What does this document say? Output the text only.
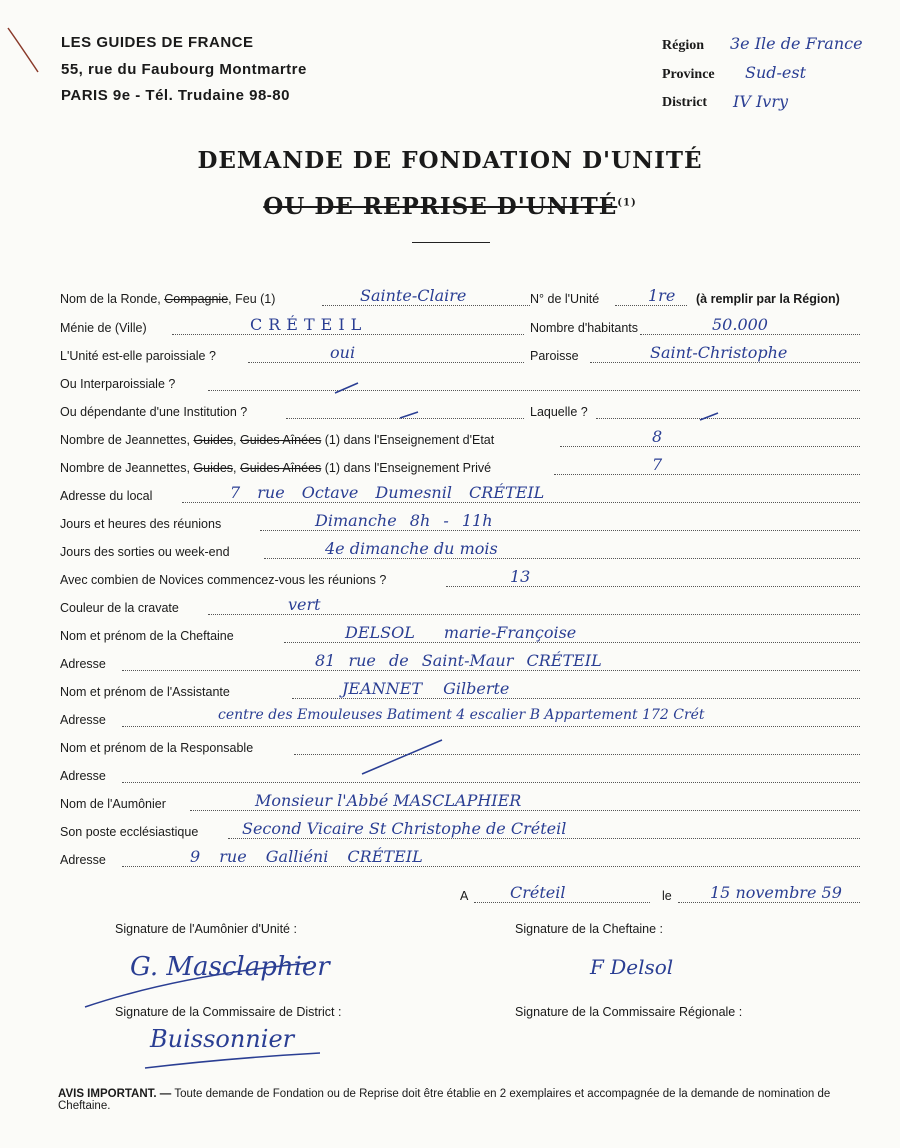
LES GUIDES DE FRANCE
55, rue du Faubourg Montmartre
PARIS 9e - Tél. Trudaine 98-80
Région 3e Ile de France
Province Sud-est
District IV Ivry
DEMANDE DE FONDATION D'UNITÉ
OU DE REPRISE D'UNITÉ$^{(1)}$
Nom de la Ronde, Compagnie, Feu (1)	Sainte-Claire	N° de l'Unité	1re (à remplir par la Région)
Ménie de (Ville)	CRÉTEIL	Nombre d'habitants	50.000
L'Unité est-elle paroissiale ?	oui	Paroisse	Saint-Christophe
Ou Interparoissiale ?
Ou dépendante d'une Institution ?	Laquelle ?
Nombre de Jeannettes, Guides, Guides Aînées (1) dans l'Enseignement d'Etat	8
Nombre de Jeannettes, Guides, Guides Aînées (1) dans l'Enseignement Privé	7
Adresse du local	7 rue Octave Dumesnil CRÉTEIL
Jours et heures des réunions	Dimanche 8h - 11h
Jours des sorties ou week-end	4e dimanche du mois
Avec combien de Novices commencez-vous les réunions ?	13
Couleur de la cravate	vert
Nom et prénom de la Cheftaine	DELSOL marie-Françoise
Adresse	81 rue de Saint-Maur CRÉTEIL
Nom et prénom de l'Assistante	JEANNET Gilberte
Adresse	centre des Emouleuses Batiment 4 escalier B Appartement 172 Crét
Nom et prénom de la Responsable
Adresse
Nom de l'Aumônier	Monsieur l'Abbé MASCLAPHIER
Son poste ecclésiastique	Second Vicaire St Christophe de Créteil
Adresse	9 rue Galliéni CRÉTEIL
A	Créteil	le 15 novembre 59
Signature de l'Aumônier d'Unité :
G. Masclaphier
Signature de la Cheftaine :
F Delsol
Signature de la Commissaire de District :
Buissonnier
Signature de la Commissaire Régionale :
AVIS IMPORTANT. — Toute demande de Fondation ou de Reprise doit être établie en 2 exemplaires et accompagnée de la demande de nomination de Cheftaine.
